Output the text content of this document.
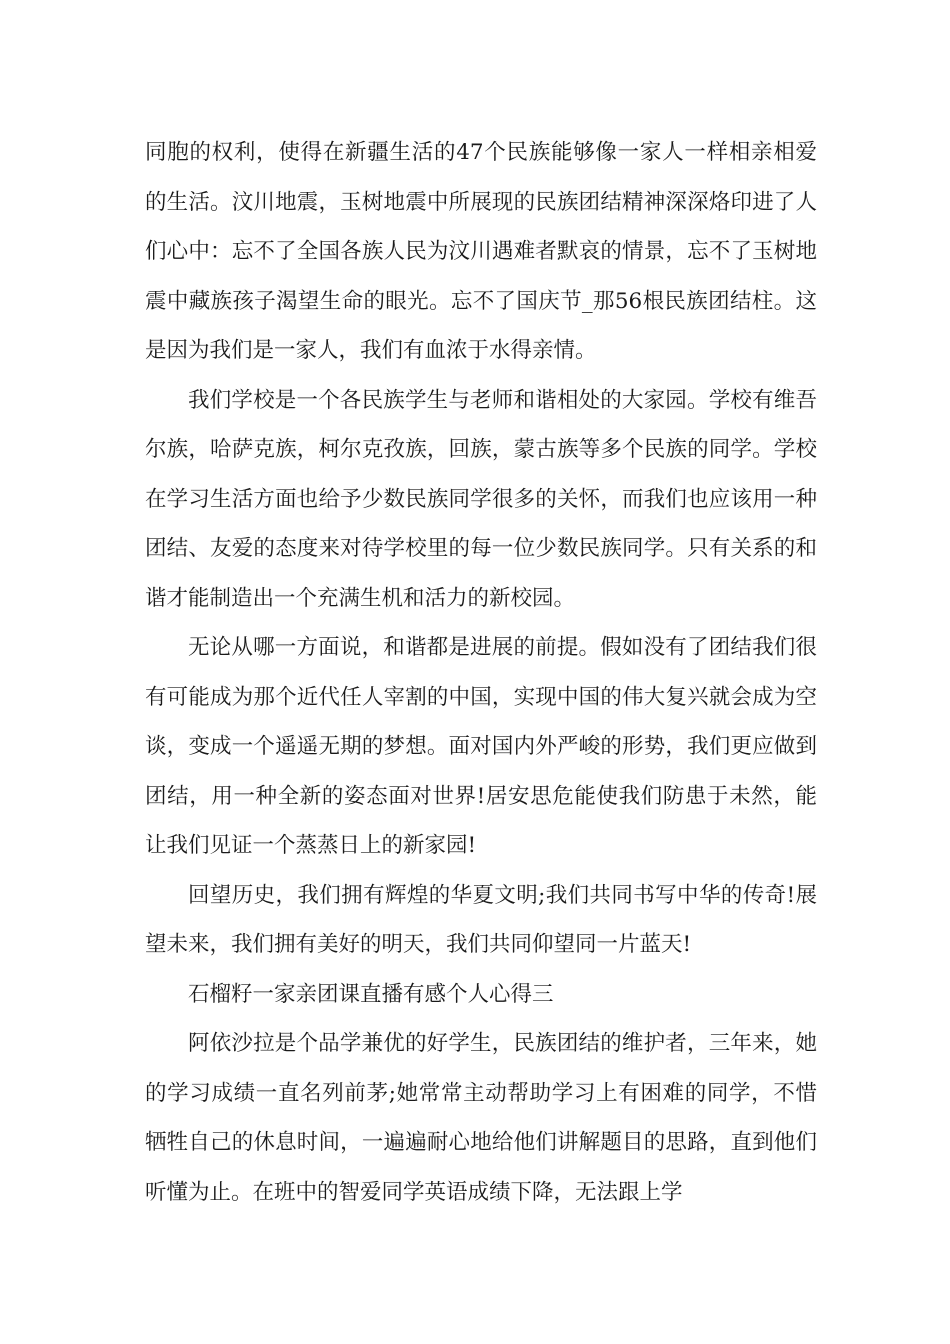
同胞的权利，使得在新疆生活的47个民族能够像一家人一样相亲相爱的生活。汶川地震，玉树地震中所展现的民族团结精神深深烙印进了人们心中：忘不了全国各族人民为汶川遇难者默哀的情景，忘不了玉树地震中藏族孩子渴望生命的眼光。忘不了国庆节_那56根民族团结柱。这是因为我们是一家人，我们有血浓于水得亲情。

我们学校是一个各民族学生与老师和谐相处的大家园。学校有维吾尔族，哈萨克族，柯尔克孜族，回族，蒙古族等多个民族的同学。学校在学习生活方面也给予少数民族同学很多的关怀，而我们也应该用一种团结、友爱的态度来对待学校里的每一位少数民族同学。只有关系的和谐才能制造出一个充满生机和活力的新校园。

无论从哪一方面说，和谐都是进展的前提。假如没有了团结我们很有可能成为那个近代任人宰割的中国，实现中国的伟大复兴就会成为空谈，变成一个遥遥无期的梦想。面对国内外严峻的形势，我们更应做到团结，用一种全新的姿态面对世界!居安思危能使我们防患于未然，能让我们见证一个蒸蒸日上的新家园!

回望历史，我们拥有辉煌的华夏文明;我们共同书写中华的传奇!展望未来，我们拥有美好的明天，我们共同仰望同一片蓝天!

石榴籽一家亲团课直播有感个人心得三

阿依沙拉是个品学兼优的好学生，民族团结的维护者，三年来，她的学习成绩一直名列前茅;她常常主动帮助学习上有困难的同学，不惜牺牲自己的休息时间，一遍遍耐心地给他们讲解题目的思路，直到他们听懂为止。在班中的智爱同学英语成绩下降，无法跟上学
